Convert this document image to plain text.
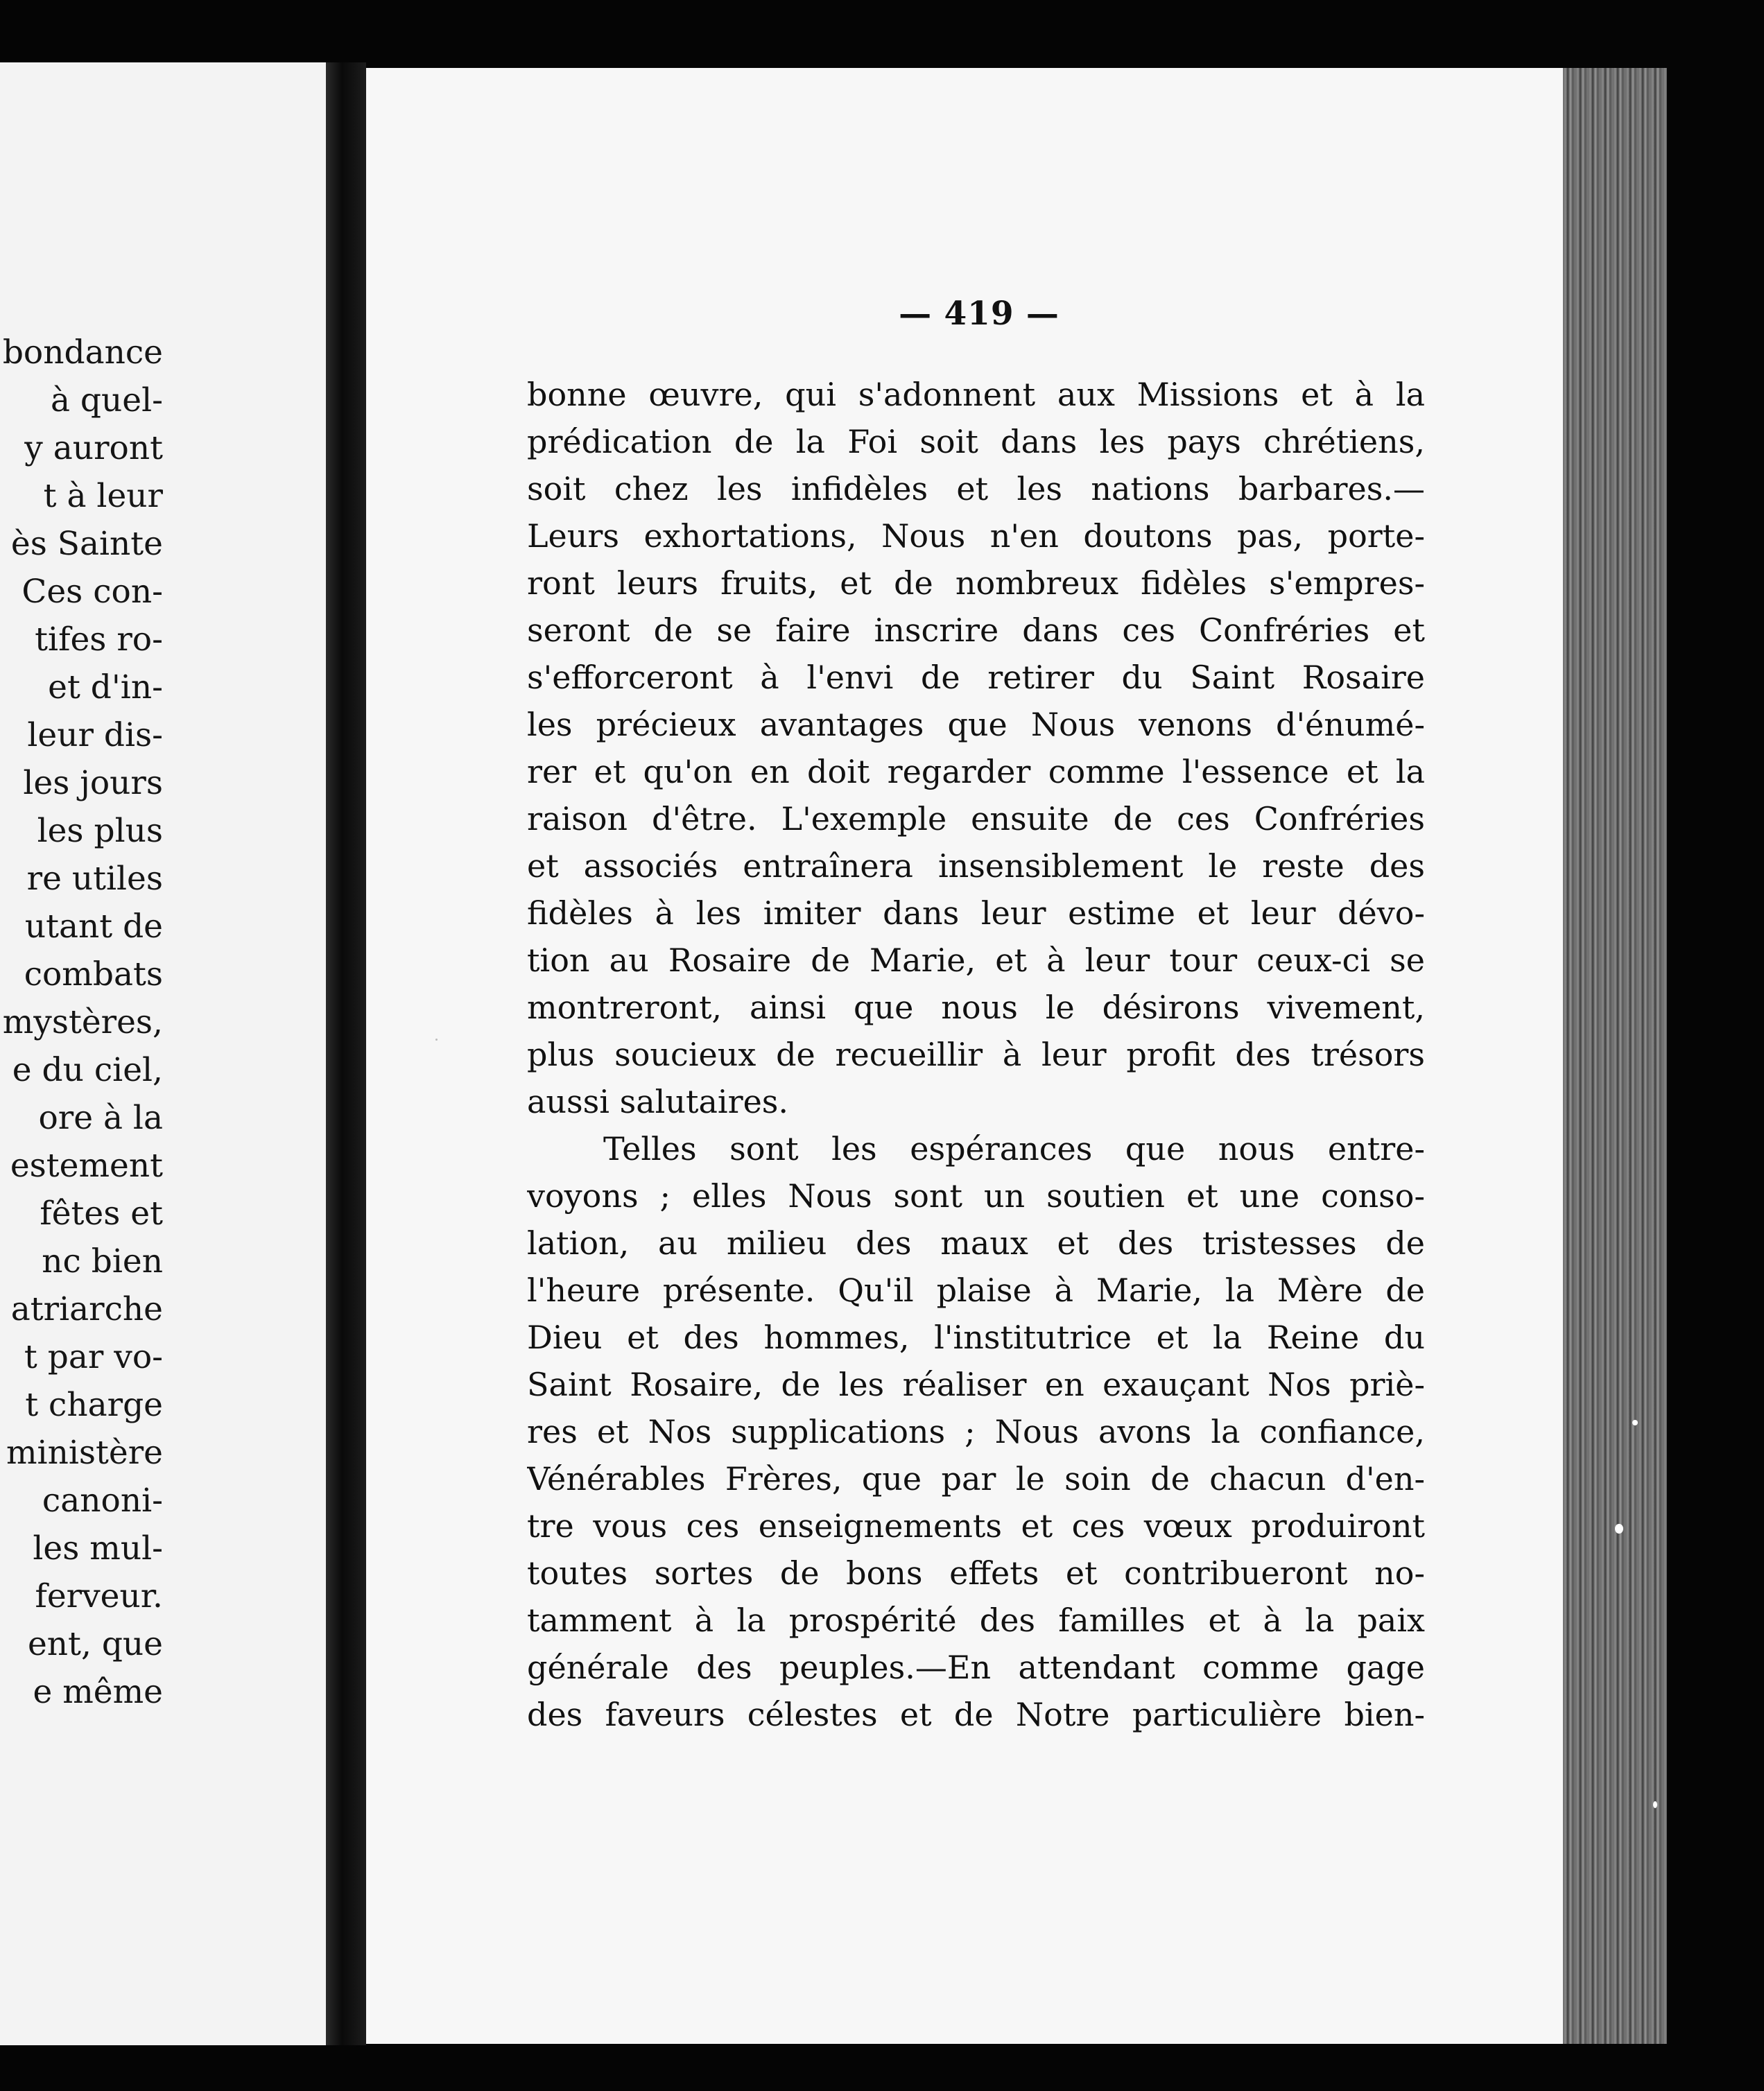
bondance
à quel-
y auront
t à leur
ès Sainte
Ces con-
tifes ro-
et d'in-
leur dis-
les jours
les plus
re utiles
utant de
combats
mystères,
e du ciel,
ore à la
estement
fêtes et
nc bien
atriarche
t par vo-
t charge
ministère
canoni-
les mul-
ferveur.
ent, que
e même
— 419 —
bonne œuvre, qui s'adonnent aux Missions et à la
prédication de la Foi soit dans les pays chrétiens,
soit chez les infidèles et les nations barbares.—
Leurs exhortations, Nous n'en doutons pas, porte-
ront leurs fruits, et de nombreux fidèles s'empres-
seront de se faire inscrire dans ces Confréries et
s'efforceront à l'envi de retirer du Saint Rosaire
les précieux avantages que Nous venons d'énumé-
rer et qu'on en doit regarder comme l'essence et la
raison d'être. L'exemple ensuite de ces Confréries
et associés entraînera insensiblement le reste des
fidèles à les imiter dans leur estime et leur dévo-
tion au Rosaire de Marie, et à leur tour ceux-ci se
montreront, ainsi que nous le désirons vivement,
plus soucieux de recueillir à leur profit des trésors
aussi salutaires.
Telles sont les espérances que nous entre-
voyons ; elles Nous sont un soutien et une conso-
lation, au milieu des maux et des tristesses de
l'heure présente. Qu'il plaise à Marie, la Mère de
Dieu et des hommes, l'institutrice et la Reine du
Saint Rosaire, de les réaliser en exauçant Nos priè-
res et Nos supplications ; Nous avons la confiance,
Vénérables Frères, que par le soin de chacun d'en-
tre vous ces enseignements et ces vœux produiront
toutes sortes de bons effets et contribueront no-
tamment à la prospérité des familles et à la paix
générale des peuples.—En attendant comme gage
des faveurs célestes et de Notre particulière bien-
